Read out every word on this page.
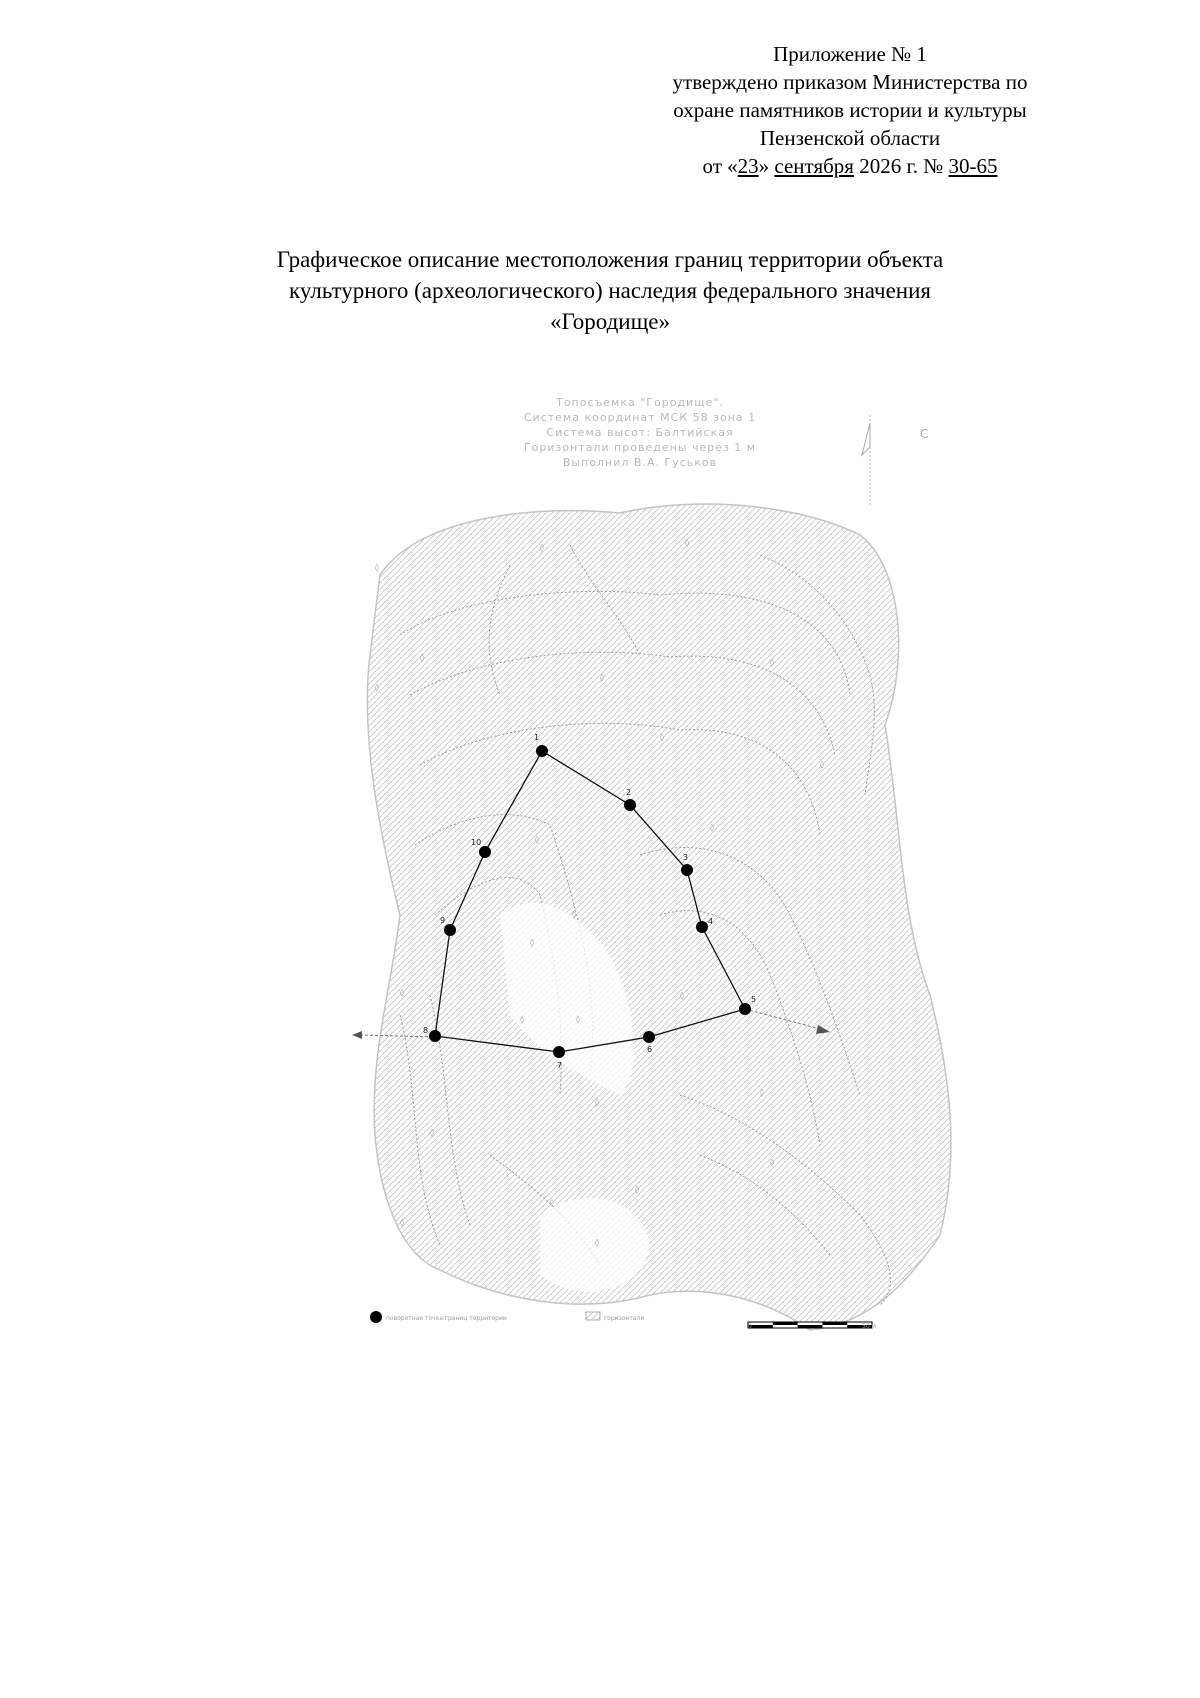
Приложение № 1
утверждено приказом Министерства по
охране памятников истории и культуры
Пензенской области
от «23» сентября 2026 г. № 30-65
Графическое описание местоположения границ территории объекта
культурного (археологического) наследия федерального значения
«Городище»
Топосъемка "Городище".
Система координат МСК 58 зона 1
Система высот: Балтийская
Горизонтали проведены через 1 м
Выполнил В.А. Гуськов
С
◊
◊
◊
◊
◊
◊
◊
◊
◊
◊
◊
◊
◊
◊
◊	◊
◊
◊
◊
◊
◊
◊
◊
◊
◊
поворотная точка границ территории	горизонтали
0	50 м
1
2
3
4
5
6
7
8
9
10
